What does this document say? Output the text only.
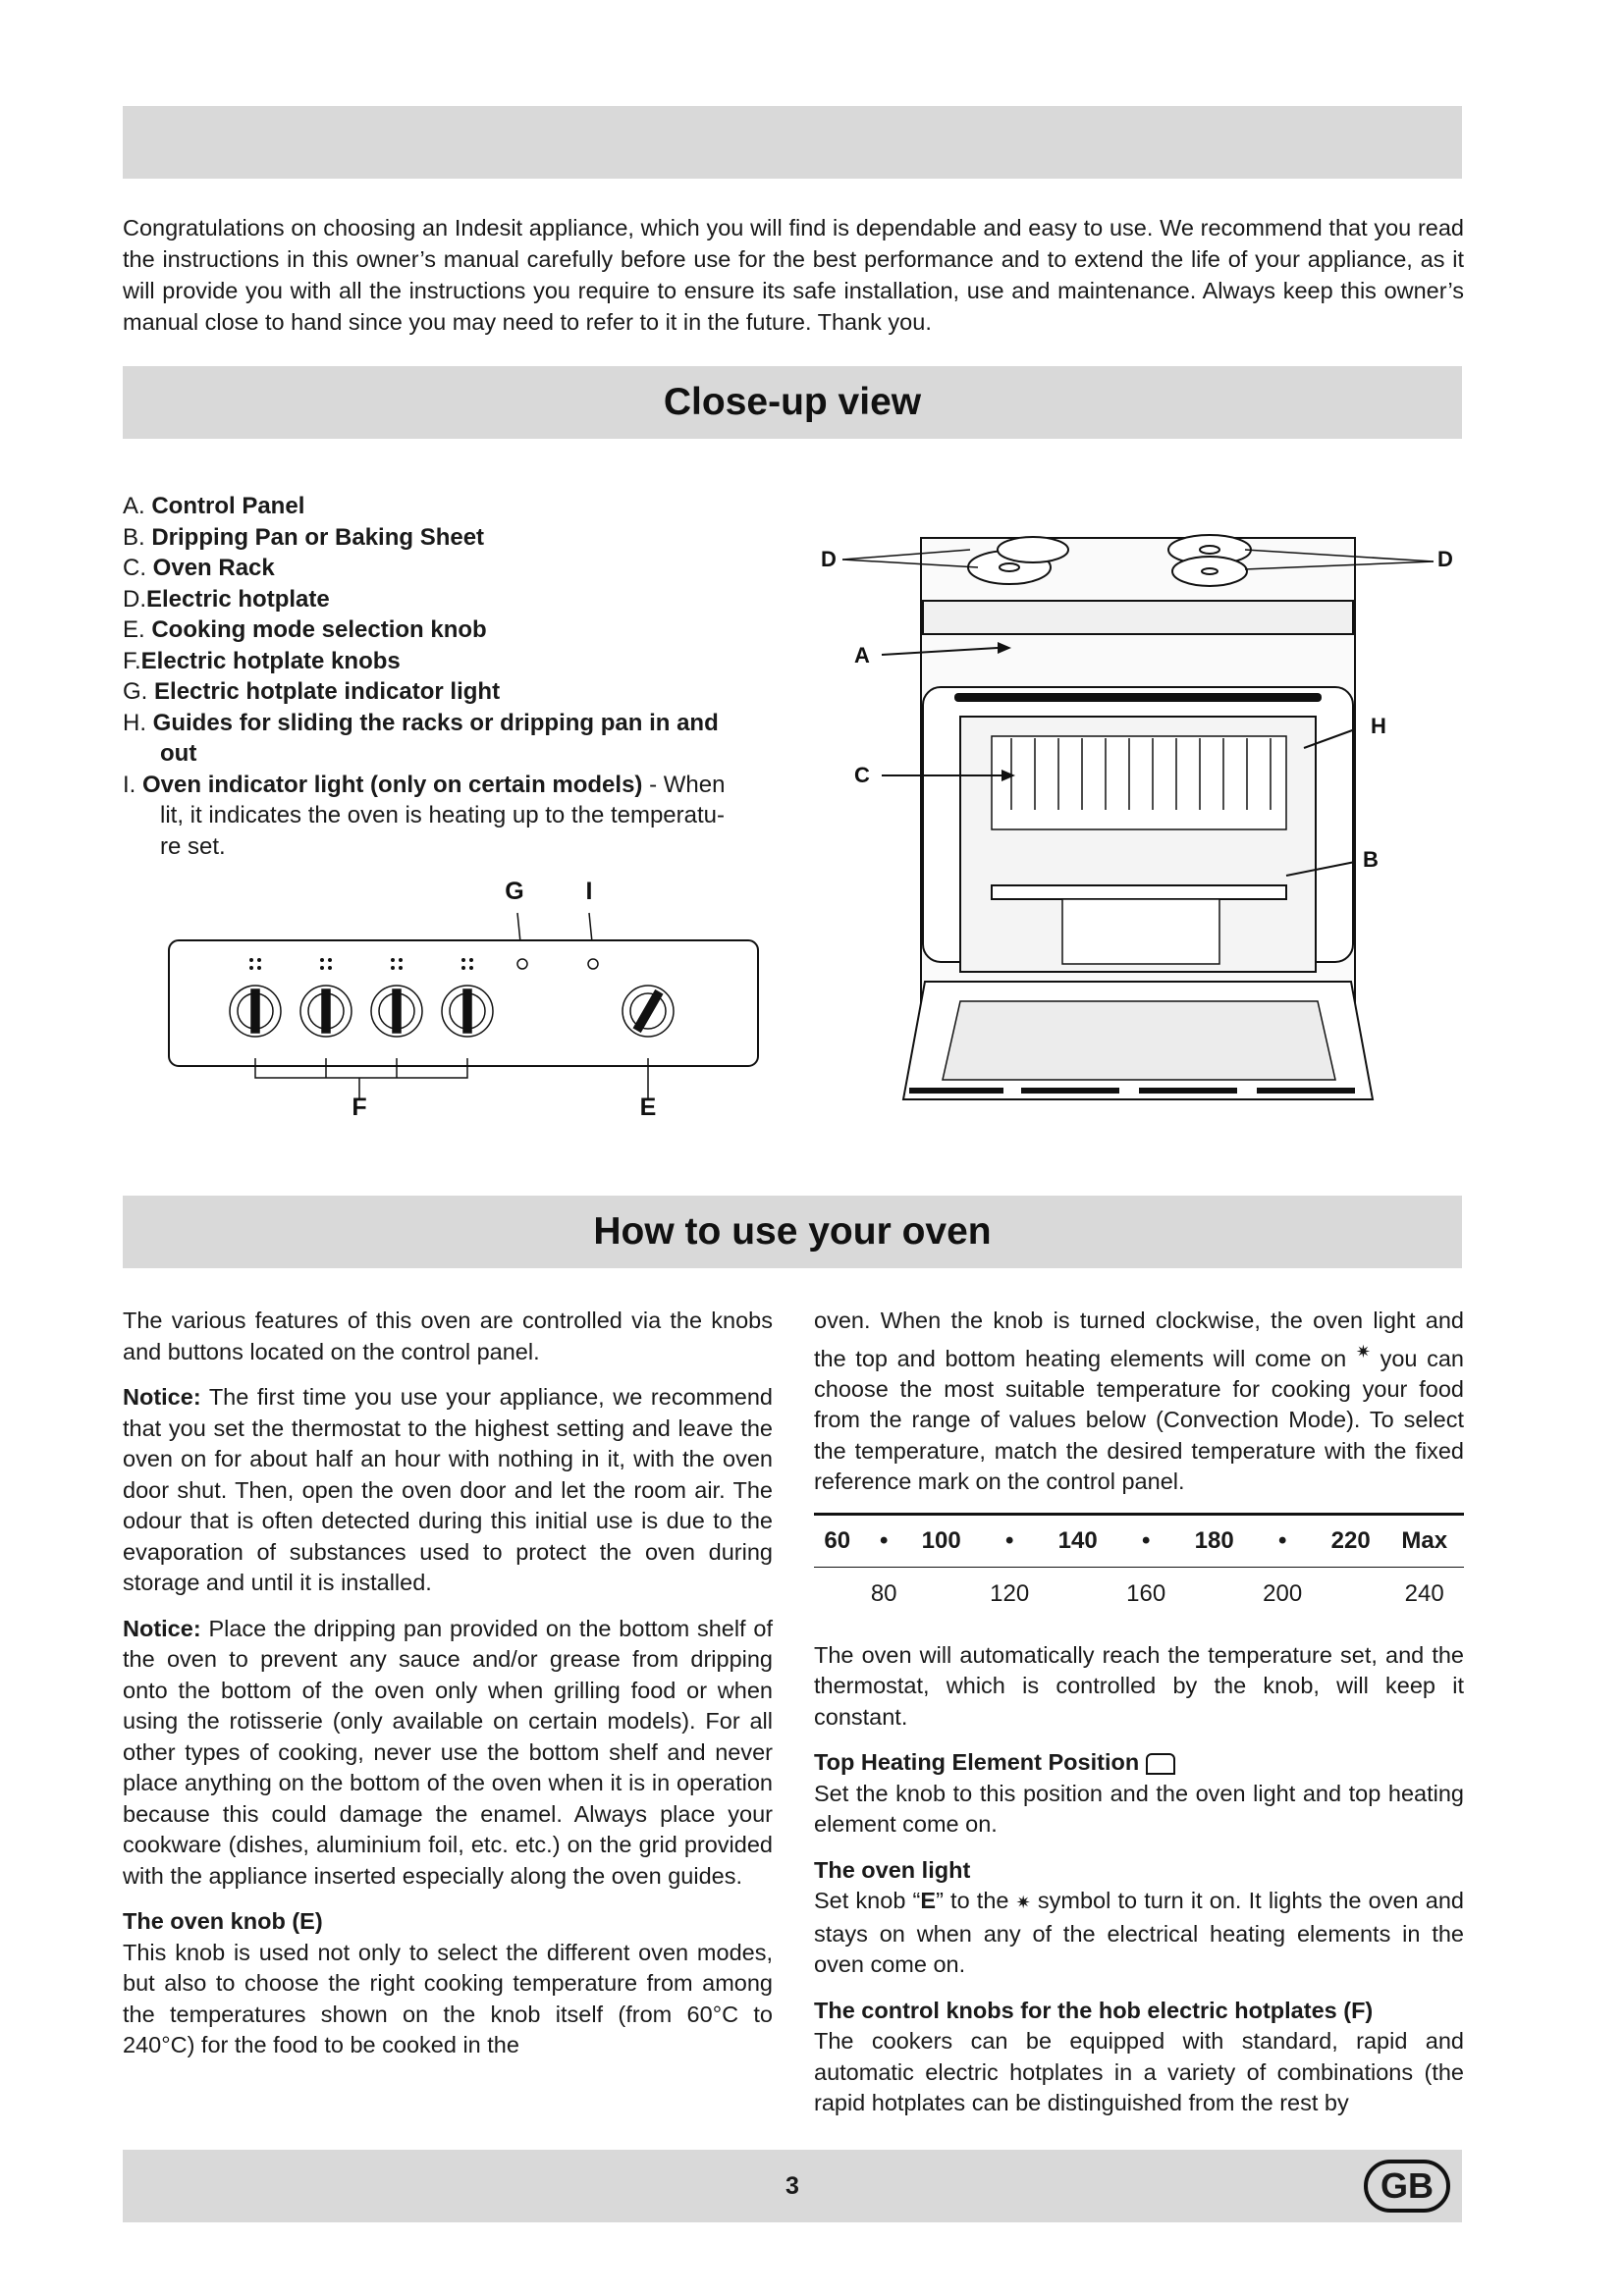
Congratulations on choosing an Indesit appliance, which you will find is dependable and easy to use. We recommend that you read the instructions in this owner’s manual carefully before use for the best performance and to extend the life of your appliance, as it will provide you with all the instructions you require to ensure its safe installation, use and maintenance. Always keep this owner’s manual close to hand since you may need to refer to it in the future. Thank you.
Close-up view
A. Control Panel
B. Dripping Pan or Baking Sheet
C. Oven Rack
D.Electric hotplate
E. Cooking mode selection knob
F.Electric hotplate knobs
G. Electric hotplate indicator light
H. Guides for sliding the racks or dripping pan in and
out
I. Oven indicator light (only on certain models) - When
lit, it indicates the oven is heating up to the temperatu-
re set.
G	I
F	E
D	D
A
C
H
B
How to use your oven

The various features of this oven are controlled via the knobs and buttons located on the control panel.

Notice: The first time you use your appliance, we recommend that you set the thermostat to the highest setting and leave the oven on for about half an hour with nothing in it, with the oven door shut. Then, open the oven door and let the room air. The odour that is often detected during this initial use is due to the evaporation of substances used to protect the oven during storage and until it is installed.

Notice: Place the dripping pan provided on the bottom shelf of the oven to prevent any sauce and/or grease from dripping onto the bottom of the oven only when grilling food or when using the rotisserie (only available on certain models). For all other types of cooking, never use the bottom shelf and never place anything on the bottom of the oven when it is in operation because this could damage the enamel. Always place your cookware (dishes, aluminium foil, etc. etc.) on the grid provided with the appliance inserted especially along the oven guides.

The oven knob (E)

This knob is used not only to select the different oven modes, but also to choose the right cooking temperature from among the temperatures shown on the knob itself (from 60°C to 240°C) for the food to be cooked in the

oven. When the knob is turned clockwise, the oven light and the top and bottom heating elements will come on ✷ you can choose the most suitable temperature for cooking your food from the range of values below (Convection Mode). To select the temperature, match the desired temperature with the fixed reference mark on the control panel.

60	•	100	•	140	•	180	•	220	Max
	80		120		160		200		240

The oven will automatically reach the temperature set, and the thermostat, which is controlled by the knob, will keep it constant.

Top Heating Element Position

Set the knob to this position and the oven light and top heating element come on.

The oven light

Set knob “E” to the ✷ symbol to turn it on. It lights the oven and stays on when any of the electrical heating elements in the oven come on.

The control knobs for the hob electric hotplates (F)

The cookers can be equipped with standard, rapid and automatic electric hotplates in a variety of combinations (the rapid hotplates can be distinguished from the rest by

3	GB
